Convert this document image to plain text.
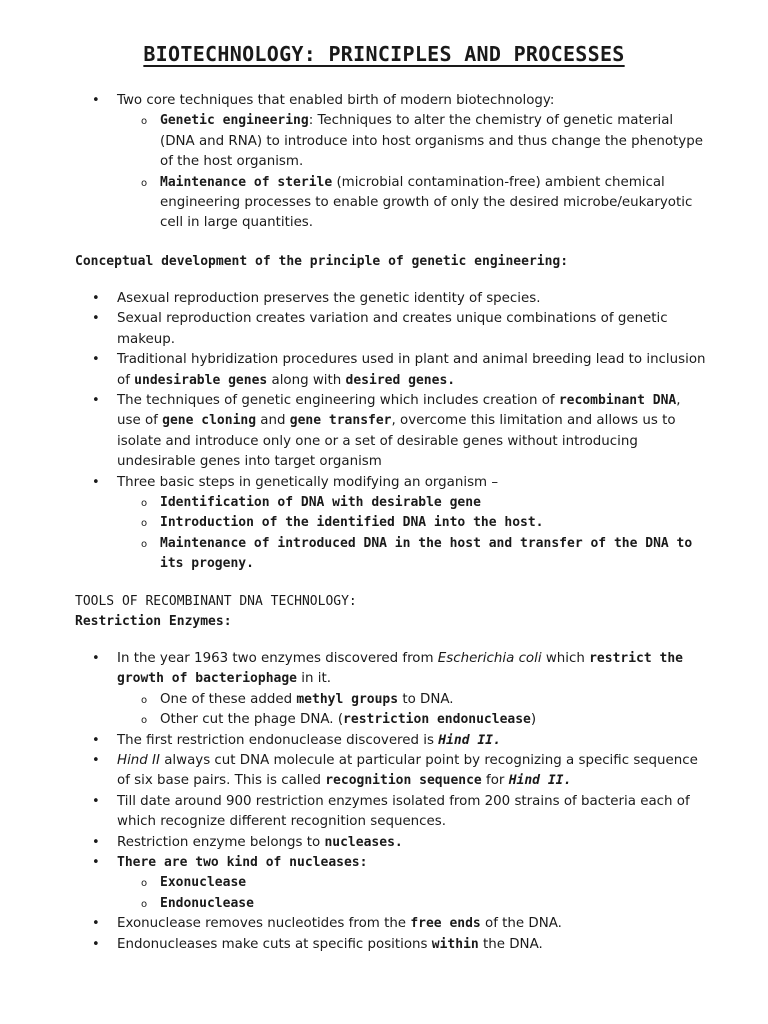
BIOTECHNOLOGY: PRINCIPLES AND PROCESSES
• Two core techniques that enabled birth of modern biotechnology:
o Genetic engineering: Techniques to alter the chemistry of genetic material (DNA and RNA) to introduce into host organisms and thus change the phenotype of the host organism.
o Maintenance of sterile (microbial contamination-free) ambient chemical engineering processes to enable growth of only the desired microbe/eukaryotic cell in large quantities.
Conceptual development of the principle of genetic engineering:
• Asexual reproduction preserves the genetic identity of species.
• Sexual reproduction creates variation and creates unique combinations of genetic makeup.
• Traditional hybridization procedures used in plant and animal breeding lead to inclusion of undesirable genes along with desired genes.
• The techniques of genetic engineering which includes creation of recombinant DNA, use of gene cloning and gene transfer, overcome this limitation and allows us to isolate and introduce only one or a set of desirable genes without introducing undesirable genes into target organism
• Three basic steps in genetically modifying an organism –
o Identification of DNA with desirable gene
o Introduction of the identified DNA into the host.
o Maintenance of introduced DNA in the host and transfer of the DNA to its progeny.
TOOLS OF RECOMBINANT DNA TECHNOLOGY:
Restriction Enzymes:
• In the year 1963 two enzymes discovered from Escherichia coli which restrict the growth of bacteriophage in it.
o One of these added methyl groups to DNA.
o Other cut the phage DNA. (restriction endonuclease)
• The first restriction endonuclease discovered is Hind II.
• Hind II always cut DNA molecule at particular point by recognizing a specific sequence of six base pairs. This is called recognition sequence for Hind II.
• Till date around 900 restriction enzymes isolated from 200 strains of bacteria each of which recognize different recognition sequences.
• Restriction enzyme belongs to nucleases.
• There are two kind of nucleases:
o Exonuclease
o Endonuclease
• Exonuclease removes nucleotides from the free ends of the DNA.
• Endonucleases make cuts at specific positions within the DNA.
